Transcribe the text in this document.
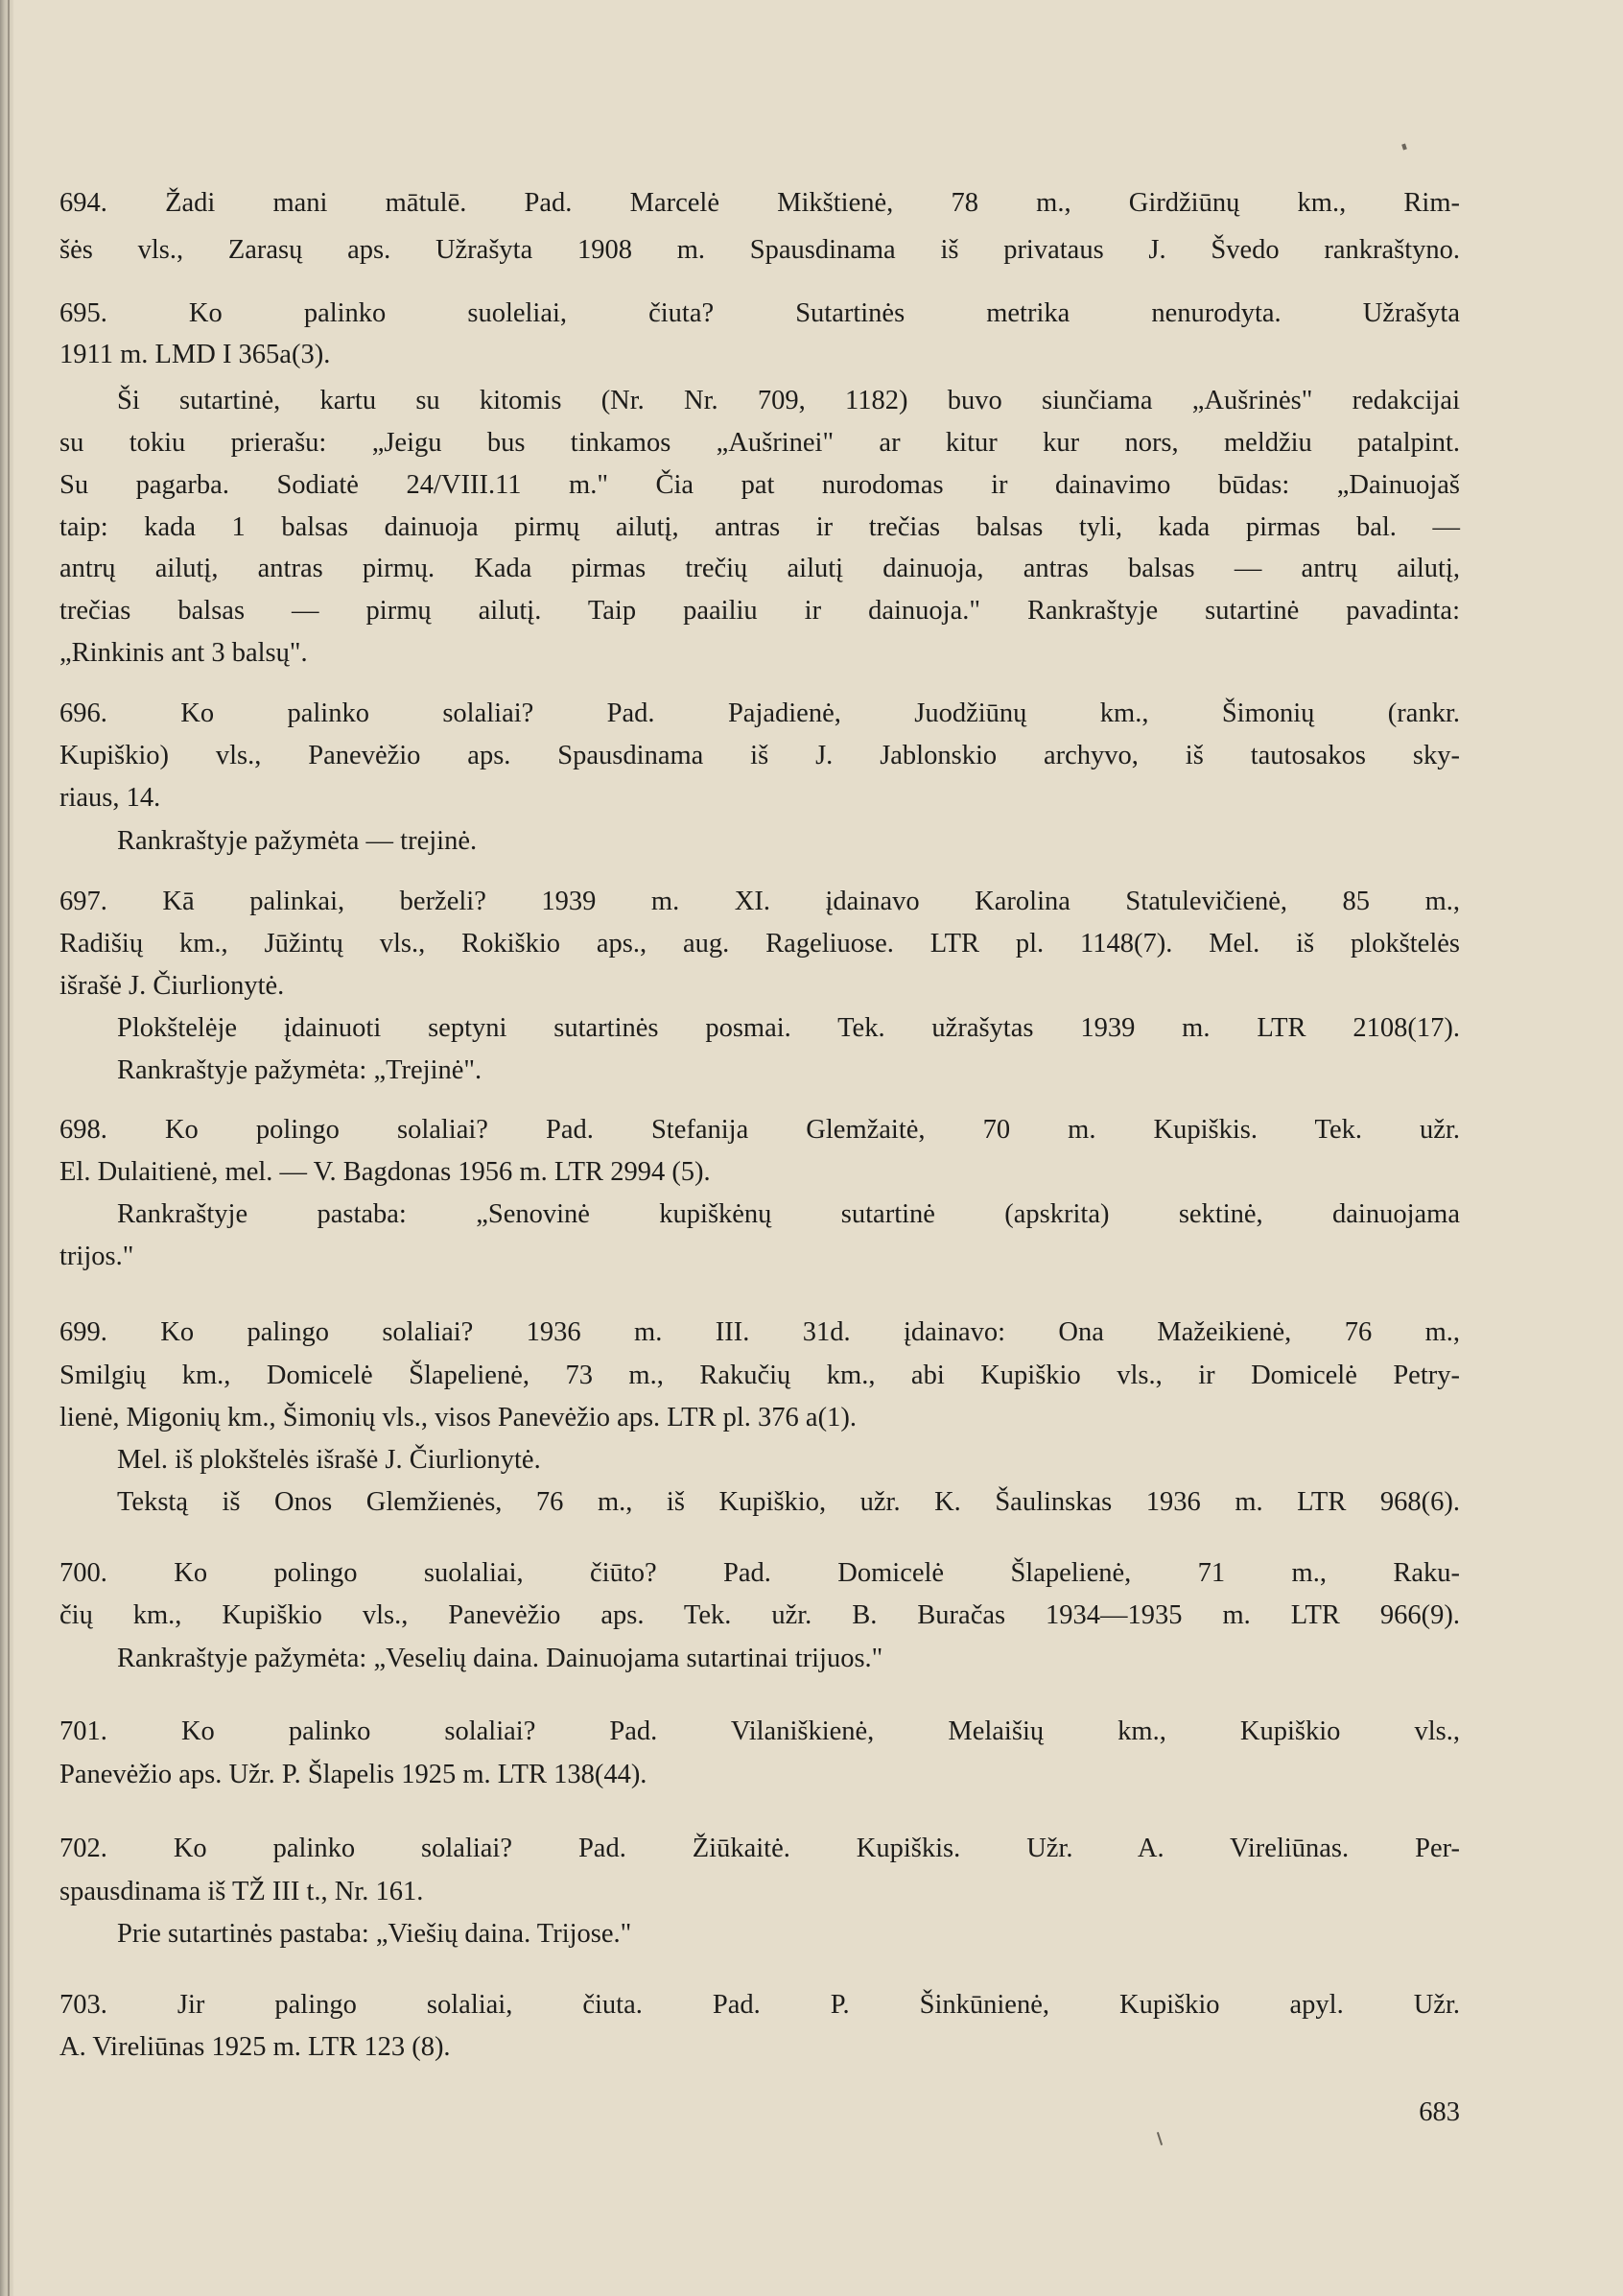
694. Žadi mani mātulē. Pad. Marcelė Mikštienė, 78 m., Girdžiūnų km., Rim-
šės vls., Zarasų aps. Užrašyta 1908 m. Spausdinama iš privataus J. Švedo rankraštyno.
695. Ko palinko suoleliai, čiuta? Sutartinės metrika nenurodyta. Užrašyta
1911 m. LMD I 365a(3).
Ši sutartinė, kartu su kitomis (Nr. Nr. 709, 1182) buvo siunčiama „Aušrinės" redakcijai
su tokiu prierašu: „Jeigu bus tinkamos „Aušrinei" ar kitur kur nors, meldžiu patalpint.
Su pagarba. Sodiatė 24/VIII.11 m." Čia pat nurodomas ir dainavimo būdas: „Dainuojaš
taip: kada 1 balsas dainuoja pirmų ailutį, antras ir trečias balsas tyli, kada pirmas bal. —
antrų ailutį, antras pirmų. Kada pirmas trečių ailutį dainuoja, antras balsas — antrų ailutį,
trečias balsas — pirmų ailutį. Taip paailiu ir dainuoja." Rankraštyje sutartinė pavadinta:
„Rinkinis ant 3 balsų".
696. Ko palinko solaliai? Pad. Pajadienė, Juodžiūnų km., Šimonių (rankr.
Kupiškio) vls., Panevėžio aps. Spausdinama iš J. Jablonskio archyvo, iš tautosakos sky-
riaus, 14.
Rankraštyje pažymėta — trejinė.
697. Kā palinkai, berželi? 1939 m. XI. įdainavo Karolina Statulevičienė, 85 m.,
Radišių km., Jūžintų vls., Rokiškio aps., aug. Rageliuose. LTR pl. 1148(7). Mel. iš plokštelės
išrašė J. Čiurlionytė.
Plokštelėje įdainuoti septyni sutartinės posmai. Tek. užrašytas 1939 m. LTR 2108(17).
Rankraštyje pažymėta: „Trejinė".
698. Ko polingo solaliai? Pad. Stefanija Glemžaitė, 70 m. Kupiškis. Tek. užr.
El. Dulaitienė, mel. — V. Bagdonas 1956 m. LTR 2994 (5).
Rankraštyje pastaba: „Senovinė kupiškėnų sutartinė (apskrita) sektinė, dainuojama
trijos."
699. Ko palingo solaliai? 1936 m. III. 31d. įdainavo: Ona Mažeikienė, 76 m.,
Smilgių km., Domicelė Šlapelienė, 73 m., Rakučių km., abi Kupiškio vls., ir Domicelė Petry-
lienė, Migonių km., Šimonių vls., visos Panevėžio aps. LTR pl. 376 a(1).
Mel. iš plokštelės išrašė J. Čiurlionytė.
Tekstą iš Onos Glemžienės, 76 m., iš Kupiškio, užr. K. Šaulinskas 1936 m. LTR 968(6).
700. Ko polingo suolaliai, čiūto? Pad. Domicelė Šlapelienė, 71 m., Raku-
čių km., Kupiškio vls., Panevėžio aps. Tek. užr. B. Buračas 1934—1935 m. LTR 966(9).
Rankraštyje pažymėta: „Veselių daina. Dainuojama sutartinai trijuos."
701. Ko palinko solaliai? Pad. Vilaniškienė, Melaišių km., Kupiškio vls.,
Panevėžio aps. Užr. P. Šlapelis 1925 m. LTR 138(44).
702. Ko palinko solaliai? Pad. Žiūkaitė. Kupiškis. Užr. A. Vireliūnas. Per-
spausdinama iš TŽ III t., Nr. 161.
Prie sutartinės pastaba: „Viešių daina. Trijose."
703. Jir palingo solaliai, čiuta. Pad. P. Šinkūnienė, Kupiškio apyl. Užr.
A. Vireliūnas 1925 m. LTR 123 (8).
683
